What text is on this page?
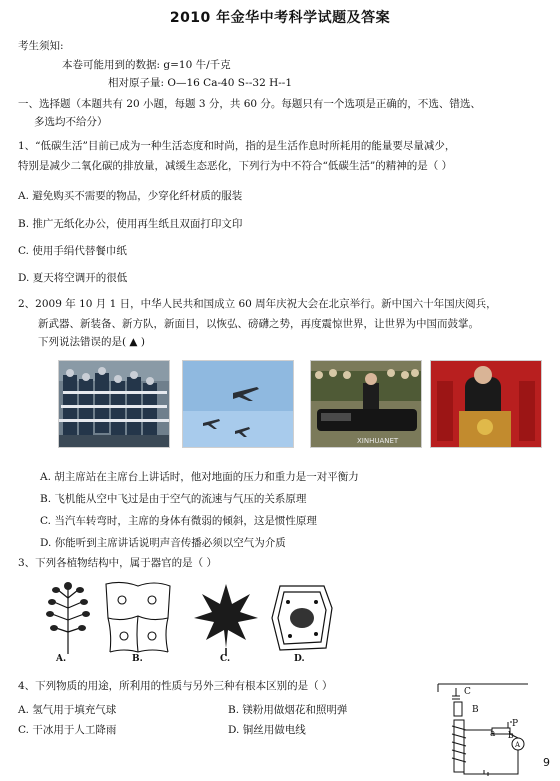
2010 年金华中考科学试题及答案
考生须知:
本卷可能用到的数据: g=10 牛/千克
相对原子量: O—16 Ca-40 S--32 H--1
一、选择题（本题共有 20 小题，每题 3 分，共 60 分。每题只有一个选项是正确的，不选、错选、
多选均不给分）
1、“低碳生活”目前已成为一种生活态度和时尚，指的是生活作息时所耗用的能量要尽量减少，
特别是减少二氧化碳的排放量，减缓生态恶化，下列行为中不符合“低碳生活”的精神的是（ ）
A. 避免购买不需要的物品，少穿化纤材质的服装
B. 推广无纸化办公，使用再生纸且双面打印文印
C. 使用手绢代替餐巾纸
D. 夏天将空调开的很低
2、2009 年 10 月 1 日，中华人民共和国成立 60 周年庆祝大会在北京举行。新中国六十年国庆阅兵，
新武器、新装备、新方队，新面目，以恢弘、磅礴之势，再度震惊世界，让世界为中国而鼓掌。
下列说法错误的是( ▲ )
XINHUANET
A. 胡主席站在主席台上讲话时，他对地面的压力和重力是一对平衡力
B. 飞机能从空中飞过是由于空气的流速与气压的关系原理
C. 当汽车转弯时，主席的身体有微弱的倾斜，这是惯性原理
D. 你能听到主席讲话说明声音传播必须以空气为介质
3、下列各植物结构中，属于器官的是（ ）
A.	B.	C.	D.
4、下列物质的用途，所利用的性质与另外三种有根本区别的是（ ）
A. 氢气用于填充气球	B. 镁粉用做烟花和照明弹
C. 干冰用于人工降雨	D. 铜丝用做电线
C
B
P
a b
A
9
